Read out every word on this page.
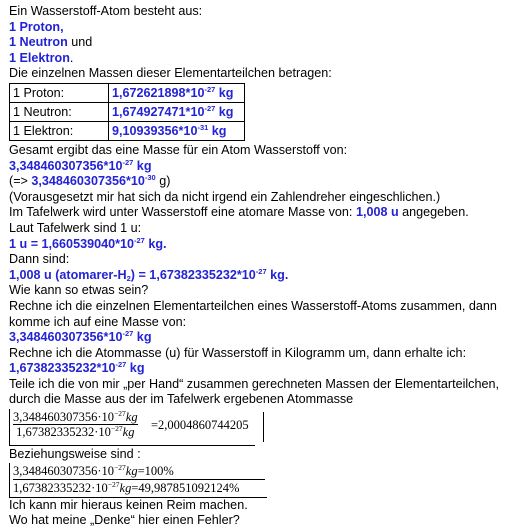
Ein Wasserstoff-Atom besteht aus:
1 Proton,
1 Neutron und
1 Elektron.
Die einzelnen Massen dieser Elementarteilchen betragen:
1 Proton:	$1,672621898*10^{-27}$ kg
1 Neutron:	$1,674927471*10^{-27}$ kg
1 Elektron:	$9,10939356*10^{-31}$ kg
Gesamt ergibt das eine Masse für ein Atom Wasserstoff von:
$3,348460307356*10^{-27}$ kg
(=> $3,348460307356*10^{-30}$ g)
(Vorausgesetzt mir hat sich da nicht irgend ein Zahlendreher eingeschlichen.)
Im Tafelwerk wird unter Wasserstoff eine atomare Masse von: 1,008 u angegeben.
Laut Tafelwerk sind 1 u:
1 $u = 1,660539040*10^{-27}$ kg.
Dann sind:
1,008 u $(atomarer-H_2) = 1,67382335232*10^{-27}$ kg.
Wie kann so etwas sein?
Rechne ich die einzelnen Elementarteilchen eines Wasserstoff-Atoms zusammen, dann
komme ich auf eine Masse von:
$3,348460307356*10^{-27}$ kg
Rechne ich die Atommasse (u) für Wasserstoff in Kilogramm um, dann erhalte ich:
$1,67382335232*10^{-27}$ kg
Teile ich die von mir „per Hand“ zusammen gerechneten Massen der Elementarteilchen,
durch die Masse aus der im Tafelwerk ergebenen Atommasse
$\frac{3,348460307356\cdot 10^{-27}kg}{1,67382335232\cdot 10^{-27}kg} =2,0004860744205$
Beziehungsweise sind :
$3,348460307356\cdot 10^{-27}kg=100\%$
$1,67382335232\cdot 10^{-27}kg=49,987851092124\%$
Ich kann mir hieraus keinen Reim machen.
Wo hat meine „Denke“ hier einen Fehler?
